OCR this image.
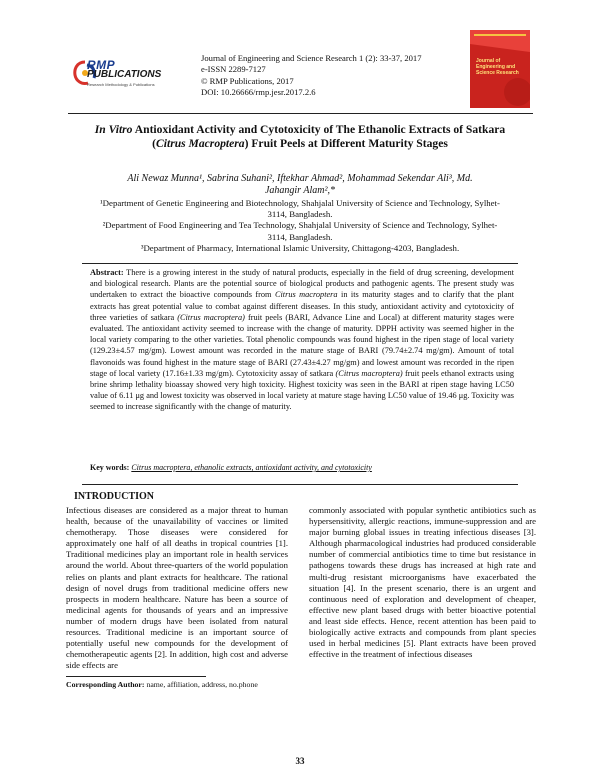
RMP
PUBLICATIONS
Research Methodology & Publications
Journal of Engineering and Science Research 1 (2): 33-37, 2017
e-ISSN 2289-7127
© RMP Publications, 2017
DOI: 10.26666/rmp.jesr.2017.2.6
Journal of Engineering and Science Research
In Vitro Antioxidant Activity and Cytotoxicity of The Ethanolic Extracts of Satkara
(Citrus Macroptera) Fruit Peels at Different Maturity Stages
Ali Newaz Munna¹, Sabrina Suhani², Iftekhar Ahmad², Mohammad Sekendar Ali³, Md.
Jahangir Alam²,*
¹Department of Genetic Engineering and Biotechnology, Shahjalal University of Science and Technology, Sylhet-3114, Bangladesh.
²Department of Food Engineering and Tea Technology, Shahjalal University of Science and Technology, Sylhet-3114, Bangladesh.
³Department of Pharmacy, International Islamic University, Chittagong-4203, Bangladesh.
Abstract: There is a growing interest in the study of natural products, especially in the field of drug screening, development and biological research. Plants are the potential source of biological products and pathogenic agents. The present study was undertaken to extract the bioactive compounds from Citrus macroptera in its maturity stages and to clarify that the plant extracts has great potential value to combat against different diseases. In this study, antioxidant activity and cytotoxicity of three varieties of satkara (Citrus macroptera) fruit peels (BARI, Advance Line and Local) at different maturity stages were evaluated. The antioxidant activity seemed to increase with the change of maturity. DPPH activity was seemed higher in the local variety comparing to the other varieties. Total phenolic compounds was found highest in the ripen stage of local variety (129.23±4.57 mg/gm). Lowest amount was recorded in the mature stage of BARI (79.74±2.74 mg/gm). Amount of total flavonoids was found highest in the mature stage of BARI (27.43±4.27 mg/gm) and lowest amount was recorded in the ripen stage of local variety (17.16±1.33 mg/gm). Cytotoxicity assay of satkara (Citrus macroptera) fruit peels ethanol extracts using brine shrimp lethality bioassay showed very high toxicity. Highest toxicity was seen in the BARI at ripen stage having LC50 value of 6.11 μg and lowest toxicity was observed in local variety at mature stage having LC50 value of 19.46 μg. Toxicity was seemed to increase significantly with the change of maturity.
Key words: Citrus macroptera, ethanolic extracts, antioxidant activity, and cytotoxicity
INTRODUCTION
Infectious diseases are considered as a major threat to human health, because of the unavailability of vaccines or limited chemotherapy. Those diseases were considered for approximately one half of all deaths in tropical countries [1]. Traditional medicines play an important role in health services around the world. About three-quarters of the world population relies on plants and plant extracts for healthcare. The rational design of novel drugs from traditional medicine offers new prospects in modern healthcare. Nature has been a source of medicinal agents for thousands of years and an impressive number of modern drugs have been isolated from natural resources. Traditional medicine is an important source of potentially useful new compounds for the development of chemotherapeutic agents [2]. In addition, high cost and adverse side effects are
commonly associated with popular synthetic antibiotics such as hypersensitivity, allergic reactions, immune-suppression and are major burning global issues in treating infectious diseases [3]. Although pharmacological industries had produced considerable number of commercial antibiotics time to time but resistance in pathogens towards these drugs has increased at high rate and multi-drug resistant microorganisms have exacerbated the situation [4]. In the present scenario, there is an urgent and continuous need of exploration and development of cheaper, effective new plant based drugs with better bioactive potential and least side effects. Hence, recent attention has been paid to biologically active extracts and compounds from plant species used in herbal medicines [5]. Plant extracts have been proved effective in the treatment of infectious diseases
Corresponding Author: name, affiliation, address, no.phone
33
